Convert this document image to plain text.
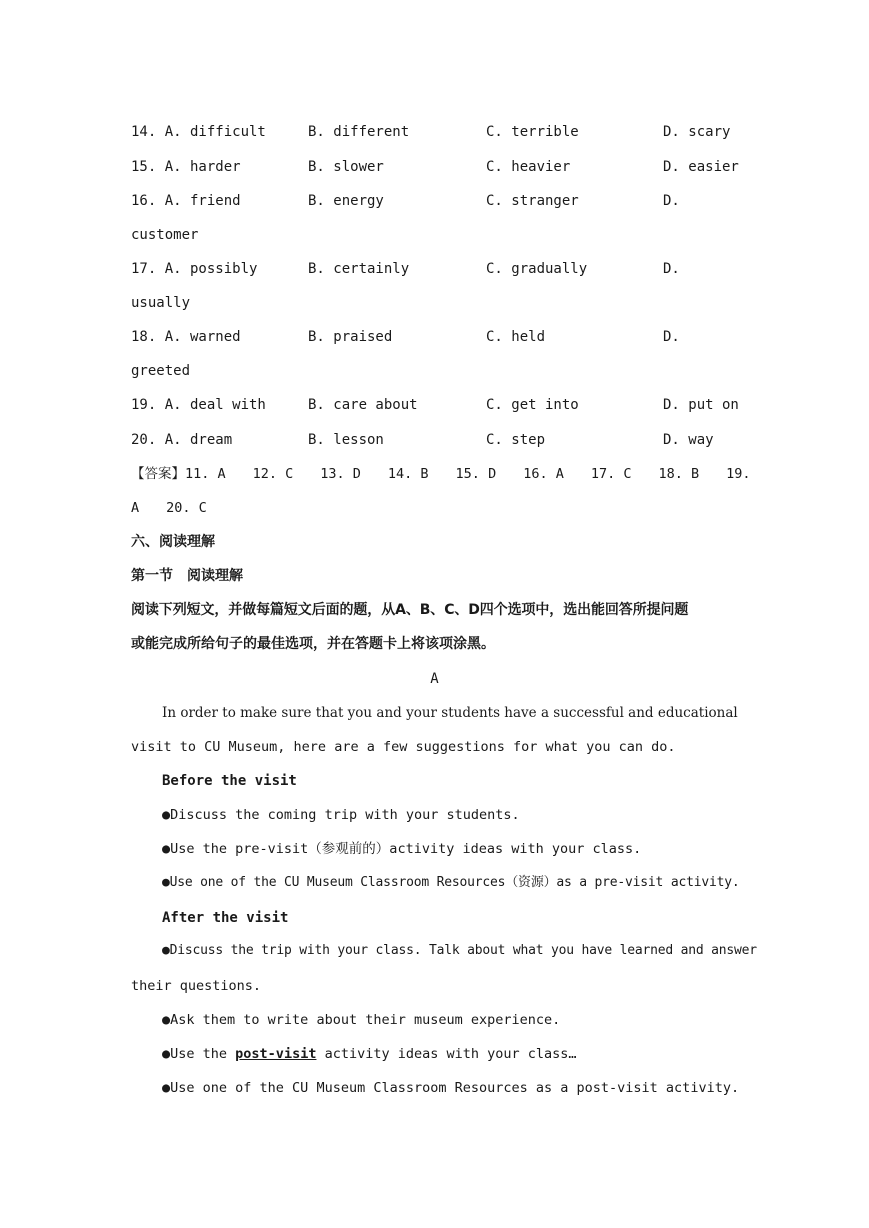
14. A. difficult	B. different	C. terrible	D. scary
15. A. harder	B. slower	C. heavier	D. easier
16. A. friend	B. energy	C. stranger	D.
customer
17. A. possibly	B. certainly	C. gradually	D.
usually
18. A. warned	B. praised	C. held	D.
greeted
19. A. deal with	B. care about	C. get into	D. put on
20. A. dream	B. lesson	C. step	D. way
【答案】11. A　　12. C　　13. D　　14. B　　15. D　　16. A　　17. C　　18. B　　19.
A　　20. C
六、阅读理解
第一节　阅读理解
阅读下列短文，并做每篇短文后面的题，从A、B、C、D四个选项中，选出能回答所提问题
或能完成所给句子的最佳选项，并在答题卡上将该项涂黑。
A
In order to make sure that you and your students have a successful and educational
visit to CU Museum, here are a few suggestions for what you can do.
Before the visit
●Discuss the coming trip with your students.
●Use the pre-visit（参观前的）activity ideas with your class.
●Use one of the CU Museum Classroom Resources（资源）as a pre-visit activity.
After the visit
●Discuss the trip with your class. Talk about what you have learned and answer
their questions.
●Ask them to write about their museum experience.
●Use the post-visit activity ideas with your class…
●Use one of the CU Museum Classroom Resources as a post-visit activity.
